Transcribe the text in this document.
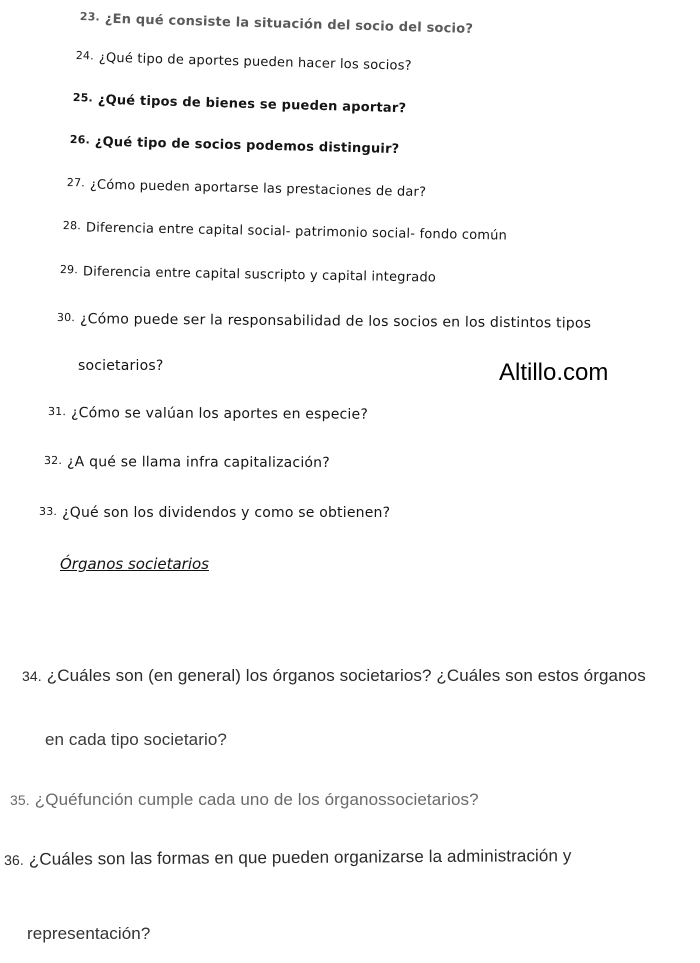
23. ¿En qué consiste la situación del socio del socio?
24. ¿Qué tipo de aportes pueden hacer los socios?
25. ¿Qué tipos de bienes se pueden aportar?
26. ¿Qué tipo de socios podemos distinguir?
27. ¿Cómo pueden aportarse las prestaciones de dar?
28. Diferencia entre capital social- patrimonio social- fondo común
29. Diferencia entre capital suscripto y capital integrado
30. ¿Cómo puede ser la responsabilidad de los socios en los distintos tipos
societarios?	Altillo.com
31. ¿Cómo se valúan los aportes en especie?
32. ¿A qué se llama infra capitalización?
33. ¿Qué son los dividendos y como se obtienen?
Órganos societarios
34. ¿Cuáles son (en general) los órganos societarios? ¿Cuáles son estos órganos
en cada tipo societario?
35. ¿Quéfunción cumple cada uno de los órganossocietarios?
36. ¿Cuáles son las formas en que pueden organizarse la administración y
representación?
